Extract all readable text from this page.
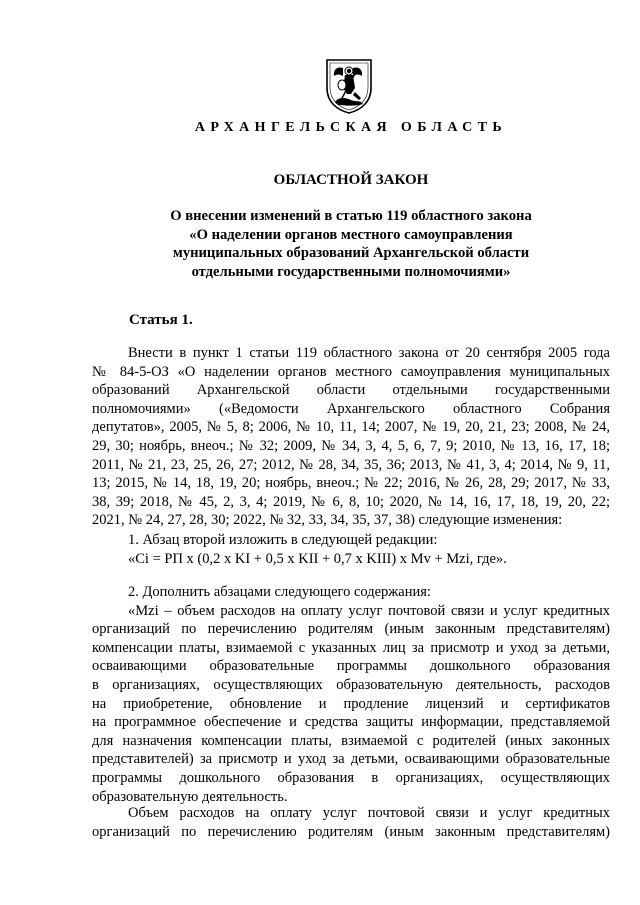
АРХАНГЕЛЬСКАЯ ОБЛАСТЬ
ОБЛАСТНОЙ ЗАКОН
О внесении изменений в статью 119 областного закона
«О наделении органов местного самоуправления
муниципальных образований Архангельской области
отдельными государственными полномочиями»
Статья 1.
Внести в пункт 1 статьи 119 областного закона от 20 сентября 2005 года
№ 84-5-ОЗ «О наделении органов местного самоуправления муниципальных
образований Архангельской области отдельными государственными
полномочиями» («Ведомости Архангельского областного Собрания
депутатов», 2005, № 5, 8; 2006, № 10, 11, 14; 2007, № 19, 20, 21, 23; 2008, № 24,
29, 30; ноябрь, внеоч.; № 32; 2009, № 34, 3, 4, 5, 6, 7, 9; 2010, № 13, 16, 17, 18;
2011, № 21, 23, 25, 26, 27; 2012, № 28, 34, 35, 36; 2013, № 41, 3, 4; 2014, № 9, 11,
13; 2015, № 14, 18, 19, 20; ноябрь, внеоч.; № 22; 2016, № 26, 28, 29; 2017, № 33,
38, 39; 2018, № 45, 2, 3, 4; 2019, № 6, 8, 10; 2020, № 14, 16, 17, 18, 19, 20, 22;
2021, № 24, 27, 28, 30; 2022, № 32, 33, 34, 35, 37, 38) следующие изменения:
1. Абзац второй изложить в следующей редакции:
«Ci = РП x (0,2 x KI + 0,5 x KII + 0,7 x KIII) x Mv + Mzi, где».
2. Дополнить абзацами следующего содержания:
«Mzi – объем расходов на оплату услуг почтовой связи и услуг кредитных
организаций по перечислению родителям (иным законным представителям)
компенсации платы, взимаемой с указанных лиц за присмотр и уход за детьми,
осваивающими образовательные программы дошкольного образования
в организациях, осуществляющих образовательную деятельность, расходов
на приобретение, обновление и продление лицензий и сертификатов
на программное обеспечение и средства защиты информации, представляемой
для назначения компенсации платы, взимаемой с родителей (иных законных
представителей) за присмотр и уход за детьми, осваивающими образовательные
программы дошкольного образования в организациях, осуществляющих
образовательную деятельность.
Объем расходов на оплату услуг почтовой связи и услуг кредитных
организаций по перечислению родителям (иным законным представителям)
